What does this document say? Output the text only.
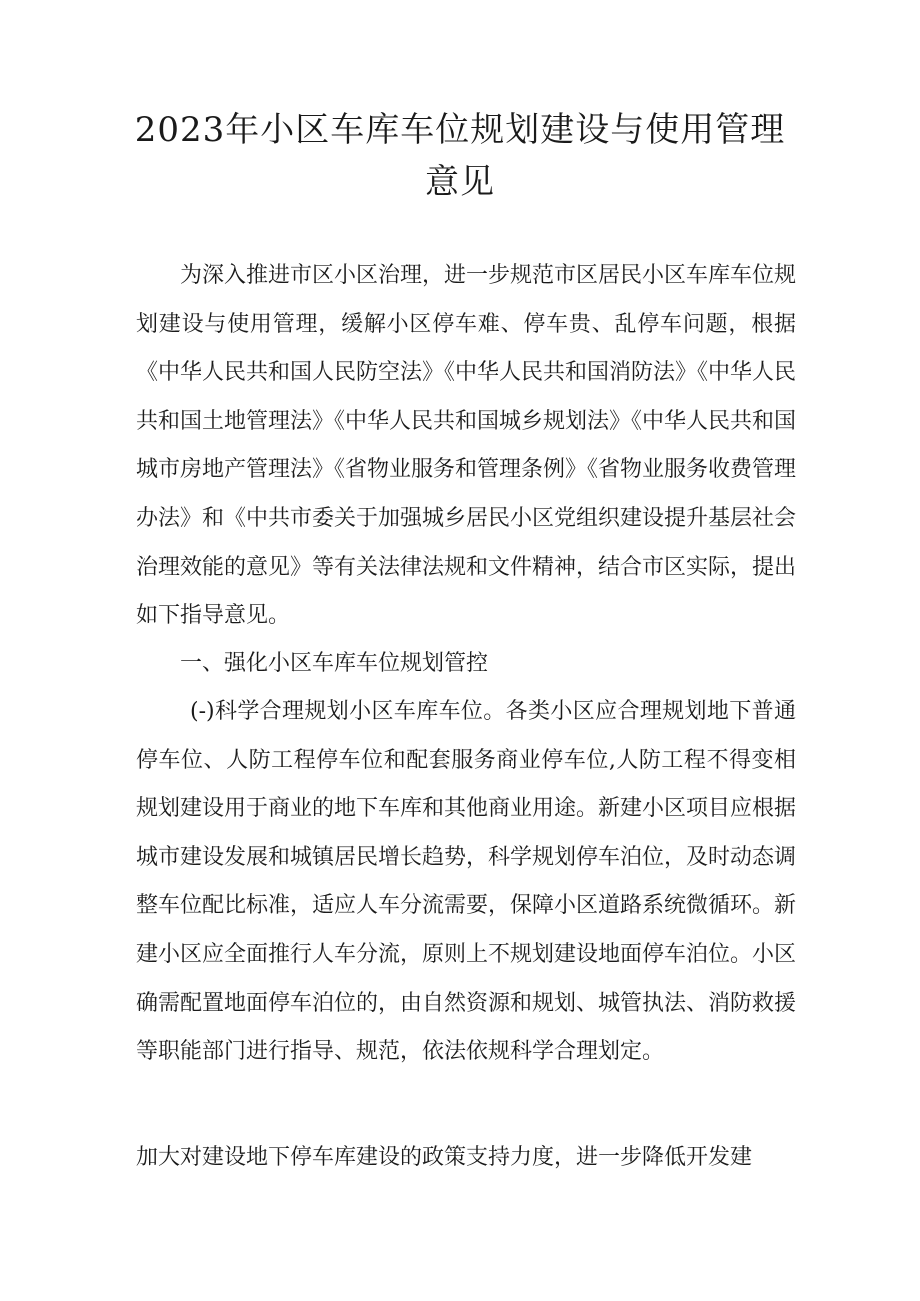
2023年小区车库车位规划建设与使用管理
意见

为深入推进市区小区治理，进一步规范市区居民小区车库车位规划建设与使用管理，缓解小区停车难、停车贵、乱停车问题，根据《中华人民共和国人民防空法》《中华人民共和国消防法》《中华人民共和国土地管理法》《中华人民共和国城乡规划法》《中华人民共和国城市房地产管理法》《省物业服务和管理条例》《省物业服务收费管理办法》和《中共市委关于加强城乡居民小区党组织建设提升基层社会治理效能的意见》等有关法律法规和文件精神，结合市区实际，提出如下指导意见。

一、强化小区车库车位规划管控

(-)科学合理规划小区车库车位。各类小区应合理规划地下普通停车位、人防工程停车位和配套服务商业停车位,人防工程不得变相规划建设用于商业的地下车库和其他商业用途。新建小区项目应根据城市建设发展和城镇居民增长趋势，科学规划停车泊位，及时动态调整车位配比标准，适应人车分流需要，保障小区道路系统微循环。新建小区应全面推行人车分流，原则上不规划建设地面停车泊位。小区确需配置地面停车泊位的，由自然资源和规划、城管执法、消防救援等职能部门进行指导、规范，依法依规科学合理划定。

加大对建设地下停车库建设的政策支持力度，进一步降低开发建
